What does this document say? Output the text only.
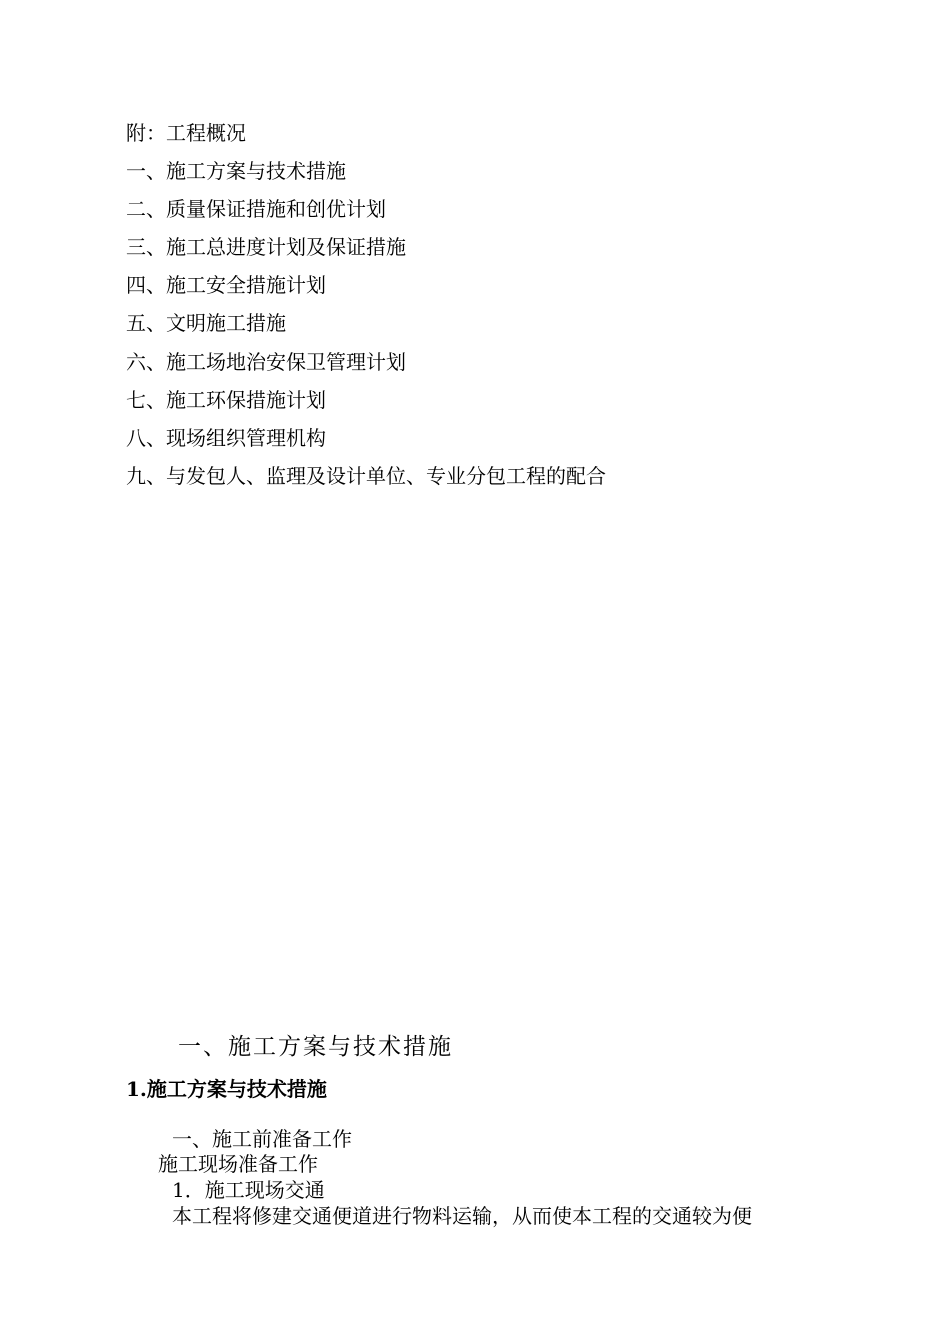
附：工程概况
一、施工方案与技术措施
二、质量保证措施和创优计划
三、施工总进度计划及保证措施
四、施工安全措施计划
五、文明施工措施
六、施工场地治安保卫管理计划
七、施工环保措施计划
八、现场组织管理机构
九、与发包人、监理及设计单位、专业分包工程的配合
一、施工方案与技术措施
1.施工方案与技术措施
一、施工前准备工作
施工现场准备工作
1．施工现场交通
本工程将修建交通便道进行物料运输，从而使本工程的交通较为便
